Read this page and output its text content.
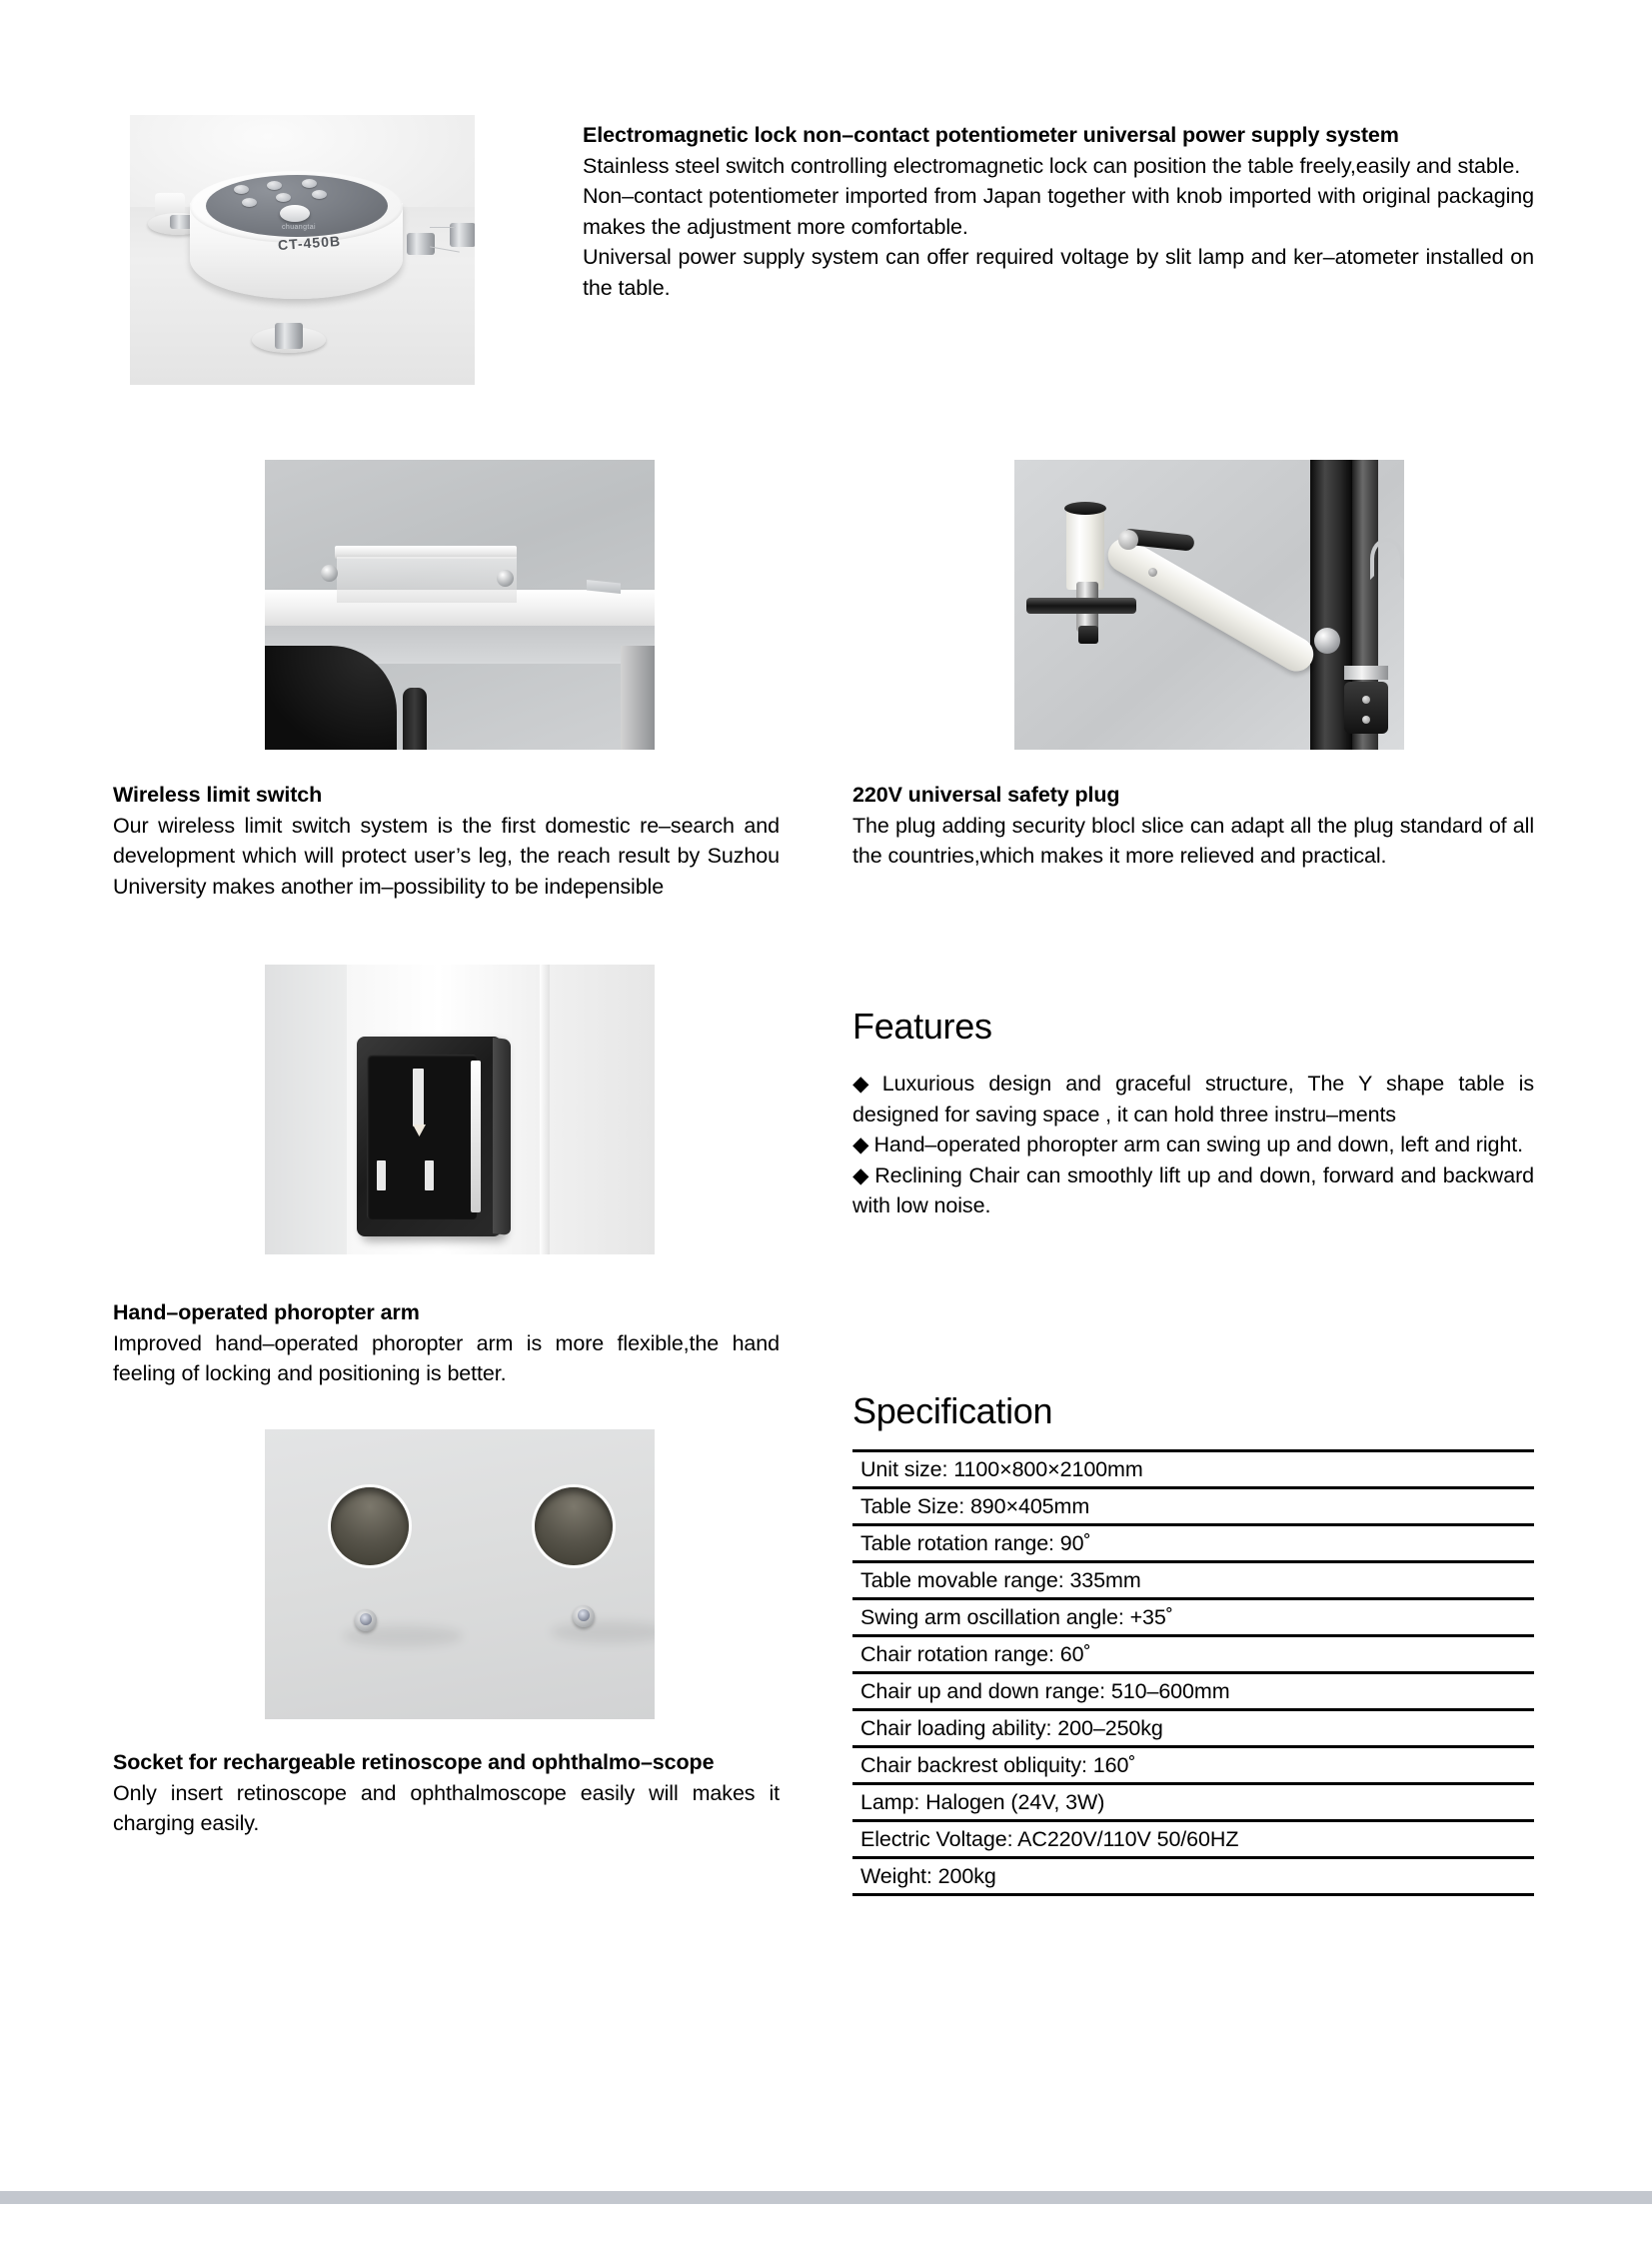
chuangtai
CT-450B
Electromagnetic lock non–contact potentiometer universal power supply system
Stainless steel switch controlling electromagnetic lock can position the table freely,easily and stable.
Non–contact potentiometer imported from Japan together with knob imported with original packaging makes the adjustment more comfortable.
Universal power supply system can offer required voltage by slit lamp and ker–atometer installed on the table.
Wireless limit switch
Our wireless limit switch system is the first domestic re–search and development which will protect user’s leg, the reach result by Suzhou University makes another im–possibility to be indepensible
220V universal safety plug
The plug adding security blocl slice can adapt all the plug standard of all the countries,which makes it more relieved and practical.
Hand–operated phoropter arm
Improved hand–operated phoropter arm is more flexible,the hand feeling of locking and positioning is better.
Socket for rechargeable retinoscope and ophthalmo–scope
Only insert retinoscope and ophthalmoscope easily will makes it charging easily.
Features
◆ Luxurious design and graceful structure, The Y shape table is designed for saving space , it can hold three instru–ments
◆ Hand–operated phoropter arm can swing up and down, left and right.
◆ Reclining Chair can smoothly lift up and down, forward and backward with low noise.
Specification
Unit size: 1100×800×2100mm
Table Size: 890×405mm
Table rotation range: 90˚
Table movable range: 335mm
Swing arm oscillation angle: +35˚
Chair rotation range: 60˚
Chair up and down range: 510–600mm
Chair loading ability: 200–250kg
Chair backrest obliquity: 160˚
Lamp: Halogen (24V, 3W)
Electric Voltage: AC220V/110V 50/60HZ
Weight: 200kg
